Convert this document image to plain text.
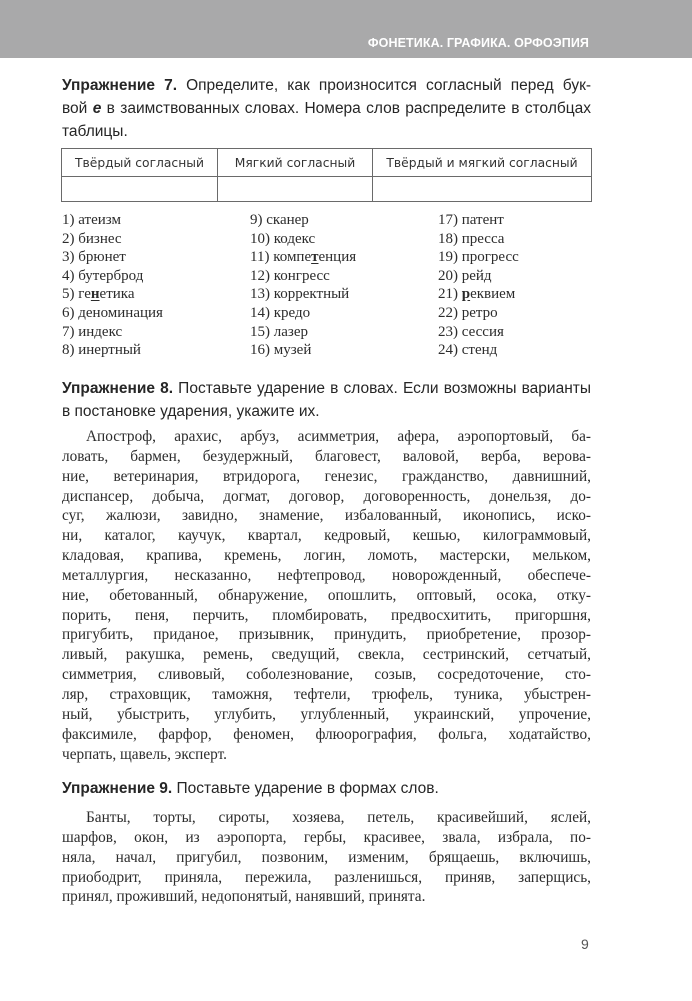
ФОНЕТИКА. ГРАФИКА. ОРФОЭПИЯ
Упражнение 7. Определите, как произносится согласный перед бук-
вой е в заимствованных словах. Номера слов распределите в столбцах
таблицы.
Твёрдый согласный	Мягкий согласный	Твёрдый и мягкий согласный

1) атеизм
2) бизнес
3) брюнет
4) бутерброд
5) генетика
6) деноминация
7) индекс
8) инертный
9) сканер
10) кодекс
11) компетенция
12) конгресс
13) корректный
14) кредо
15) лазер
16) музей
17) патент
18) пресса
19) прогресс
20) рейд
21) реквием
22) ретро
23) сессия
24) стенд
Упражнение 8. Поставьте ударение в словах. Если возможны варианты
в постановке ударения, укажите их.
Апостроф, арахис, арбуз, асимметрия, афера, аэропортовый, ба-
ловать, бармен, безудержный, благовест, валовой, верба, верова-
ние, ветеринария, втридорога, генезис, гражданство, давнишний,
диспансер, добыча, догмат, договор, договоренность, донельзя, до-
суг, жалюзи, завидно, знамение, избалованный, иконопись, иско-
ни, каталог, каучук, квартал, кедровый, кешью, килограммовый,
кладовая, крапива, кремень, логин, ломоть, мастерски, мельком,
металлургия, несказанно, нефтепровод, новорожденный, обеспече-
ние, обетованный, обнаружение, опошлить, оптовый, осока, отку-
порить, пеня, перчить, пломбировать, предвосхитить, пригоршня,
пригубить, приданое, призывник, принудить, приобретение, прозор-
ливый, ракушка, ремень, сведущий, свекла, сестринский, сетчатый,
симметрия, сливовый, соболезнование, созыв, сосредоточение, сто-
ляр, страховщик, таможня, тефтели, трюфель, туника, убыстрен-
ный, убыстрить, углубить, углубленный, украинский, упрочение,
факсимиле, фарфор, феномен, флюорография, фольга, ходатайство,
черпать, щавель, эксперт.
Упражнение 9. Поставьте ударение в формах слов.
Банты, торты, сироты, хозяева, петель, красивейший, яслей,
шарфов, окон, из аэропорта, гербы, красивее, звала, избрала, по-
няла, начал, пригубил, позвоним, изменим, брящаешь, включишь,
приободрит, приняла, пережила, разленишься, приняв, заперщись,
принял, проживший, недопонятый, нанявший, принята.
9
